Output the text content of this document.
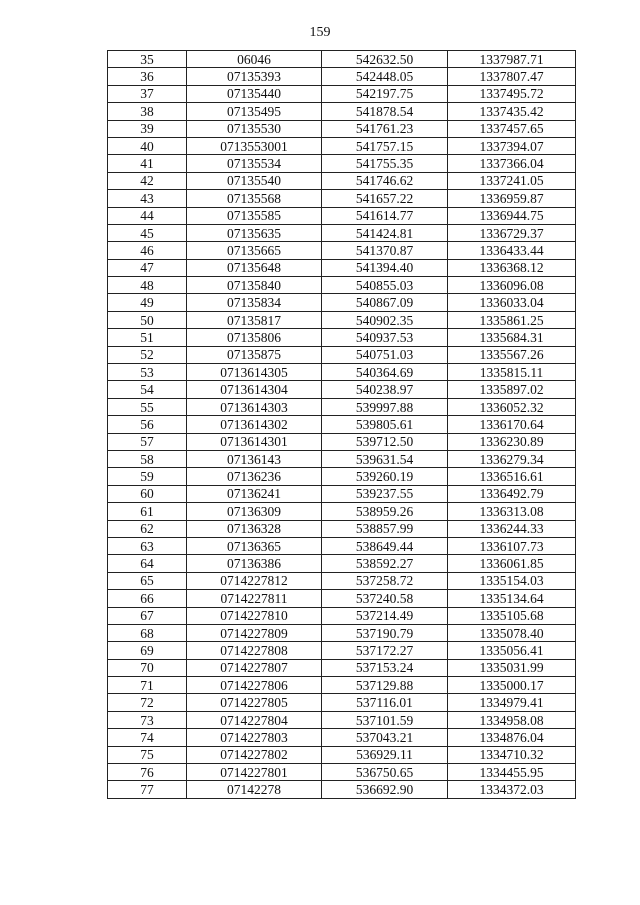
159
35	06046	542632.50	1337987.71
36	07135393	542448.05	1337807.47
37	07135440	542197.75	1337495.72
38	07135495	541878.54	1337435.42
39	07135530	541761.23	1337457.65
40	0713553001	541757.15	1337394.07
41	07135534	541755.35	1337366.04
42	07135540	541746.62	1337241.05
43	07135568	541657.22	1336959.87
44	07135585	541614.77	1336944.75
45	07135635	541424.81	1336729.37
46	07135665	541370.87	1336433.44
47	07135648	541394.40	1336368.12
48	07135840	540855.03	1336096.08
49	07135834	540867.09	1336033.04
50	07135817	540902.35	1335861.25
51	07135806	540937.53	1335684.31
52	07135875	540751.03	1335567.26
53	0713614305	540364.69	1335815.11
54	0713614304	540238.97	1335897.02
55	0713614303	539997.88	1336052.32
56	0713614302	539805.61	1336170.64
57	0713614301	539712.50	1336230.89
58	07136143	539631.54	1336279.34
59	07136236	539260.19	1336516.61
60	07136241	539237.55	1336492.79
61	07136309	538959.26	1336313.08
62	07136328	538857.99	1336244.33
63	07136365	538649.44	1336107.73
64	07136386	538592.27	1336061.85
65	0714227812	537258.72	1335154.03
66	0714227811	537240.58	1335134.64
67	0714227810	537214.49	1335105.68
68	0714227809	537190.79	1335078.40
69	0714227808	537172.27	1335056.41
70	0714227807	537153.24	1335031.99
71	0714227806	537129.88	1335000.17
72	0714227805	537116.01	1334979.41
73	0714227804	537101.59	1334958.08
74	0714227803	537043.21	1334876.04
75	0714227802	536929.11	1334710.32
76	0714227801	536750.65	1334455.95
77	07142278	536692.90	1334372.03
